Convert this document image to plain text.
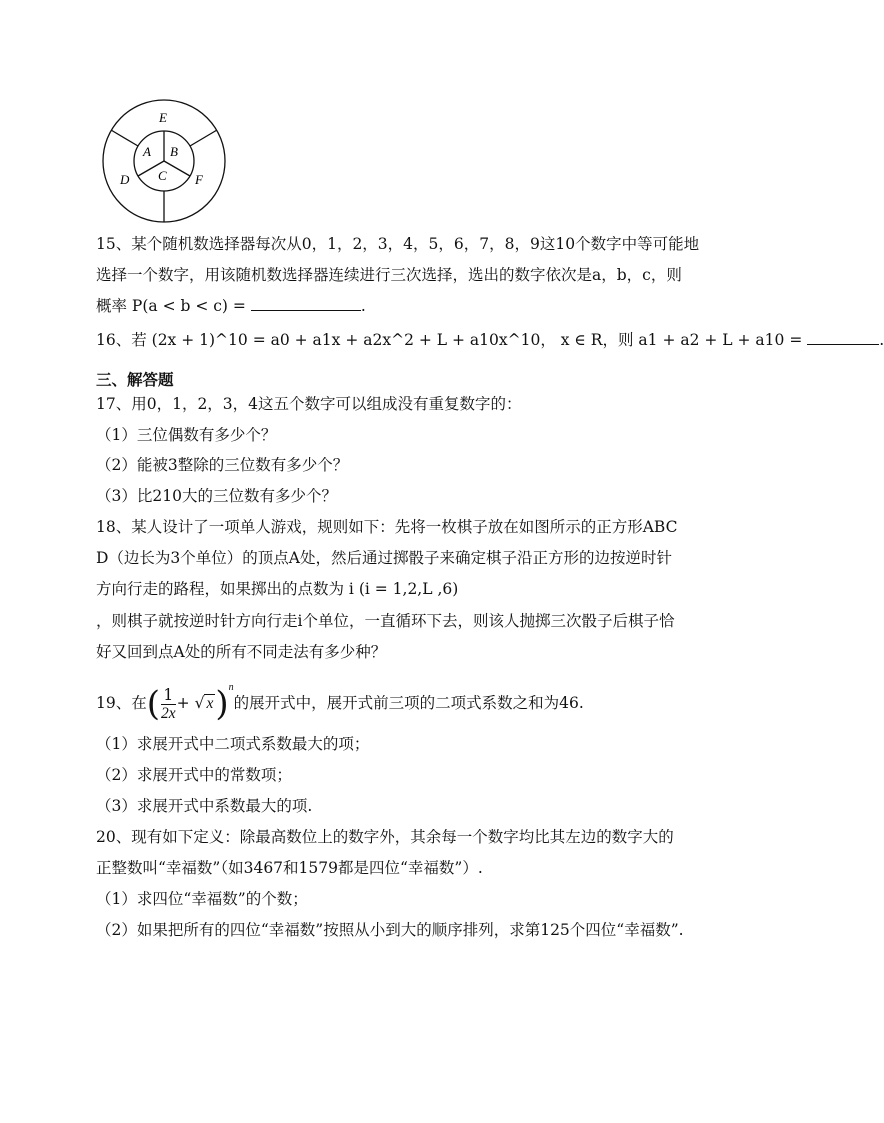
E
A B
C
D	F
15、某个随机数选择器每次从0，1，2，3，4，5，6，7，8，9这10个数字中等可能地
选择一个数字，用该随机数选择器连续进行三次选择，选出的数字依次是a，b，c，则
概率 P(a < b < c) =	.
16、若 (2x + 1)^10 = a0 + a1x + a2x^2 + L + a10x^10， x ∈ R，则 a1 + a2 + L + a10 =	.
三、解答题
17、用0，1，2，3，4这五个数字可以组成没有重复数字的：
（1）三位偶数有多少个？
（2）能被3整除的三位数有多少个？
（3）比210大的三位数有多少个？
18、某人设计了一项单人游戏，规则如下：先将一枚棋子放在如图所示的正方形ABC
D（边长为3个单位）的顶点A处，然后通过掷骰子来确定棋子沿正方形的边按逆时针
方向行走的路程，如果掷出的点数为 i (i = 1,2,L ,6)
，则棋子就按逆时针方向行走i个单位，一直循环下去，则该人抛掷三次骰子后棋子恰
好又回到点A处的所有不同走法有多少种？
19、在( $\frac{1}{2x}$ + √ x)$^n$的展开式中，展开式前三项的二项式系数之和为46.
（1）求展开式中二项式系数最大的项；
（2）求展开式中的常数项；
（3）求展开式中系数最大的项.
20、现有如下定义：除最高数位上的数字外，其余每一个数字均比其左边的数字大的
正整数叫“幸福数”（如3467和1579都是四位“幸福数”）.
（1）求四位“幸福数”的个数；
（2）如果把所有的四位“幸福数”按照从小到大的顺序排列，求第125个四位“幸福数”.
